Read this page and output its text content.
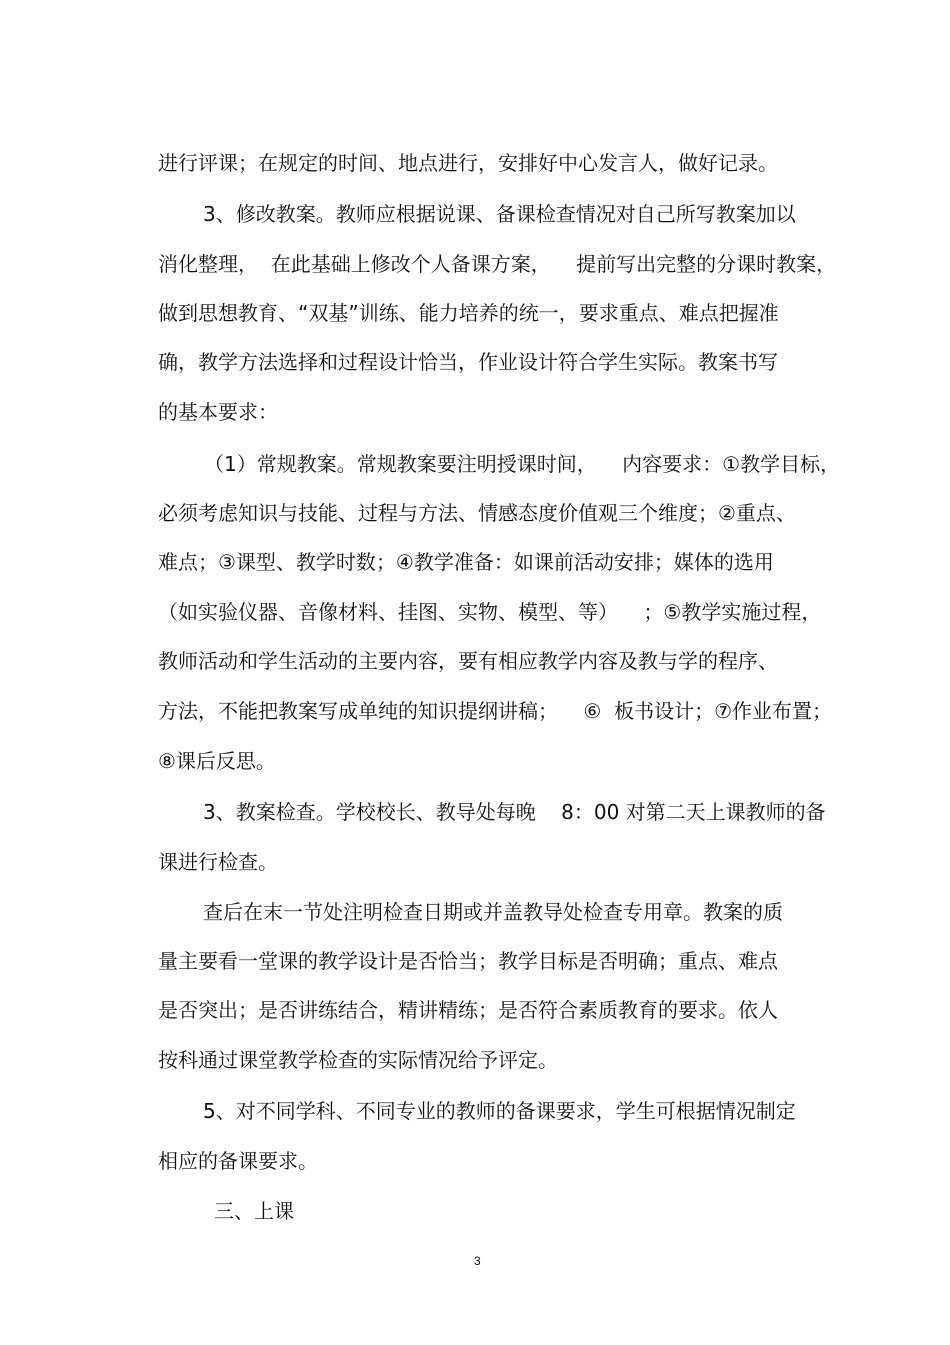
进行评课；在规定的时间、地点进行，安排好中心发言人，做好记录。
3、修改教案。教师应根据说课、备课检查情况对自己所写教案加以
消化整理，  在此基础上修改个人备课方案，    提前写出完整的分课时教案，
做到思想教育、“双基”训练、能力培养的统一，要求重点、难点把握准
确，教学方法选择和过程设计恰当，作业设计符合学生实际。教案书写
的基本要求：
（1）常规教案。常规教案要注明授课时间，    内容要求：①教学目标，
必须考虑知识与技能、过程与方法、情感态度价值观三个维度；②重点、
难点；③课型、教学时数；④教学准备：如课前活动安排；媒体的选用
（如实验仪器、音像材料、挂图、实物、模型、等）    ；⑤教学实施过程，
教师活动和学生活动的主要内容，要有相应教学内容及教与学的程序、
方法，不能把教案写成单纯的知识提纲讲稿；    ⑥  板书设计；⑦作业布置；
⑧课后反思。
3、教案检查。学校校长、教导处每晚    8：00 对第二天上课教师的备
课进行检查。
查后在末一节处注明检查日期或并盖教导处检查专用章。教案的质
量主要看一堂课的教学设计是否恰当；教学目标是否明确；重点、难点
是否突出；是否讲练结合，精讲精练；是否符合素质教育的要求。依人
按科通过课堂教学检查的实际情况给予评定。
5、对不同学科、不同专业的教师的备课要求，学生可根据情况制定
相应的备课要求。
三、上课
3
